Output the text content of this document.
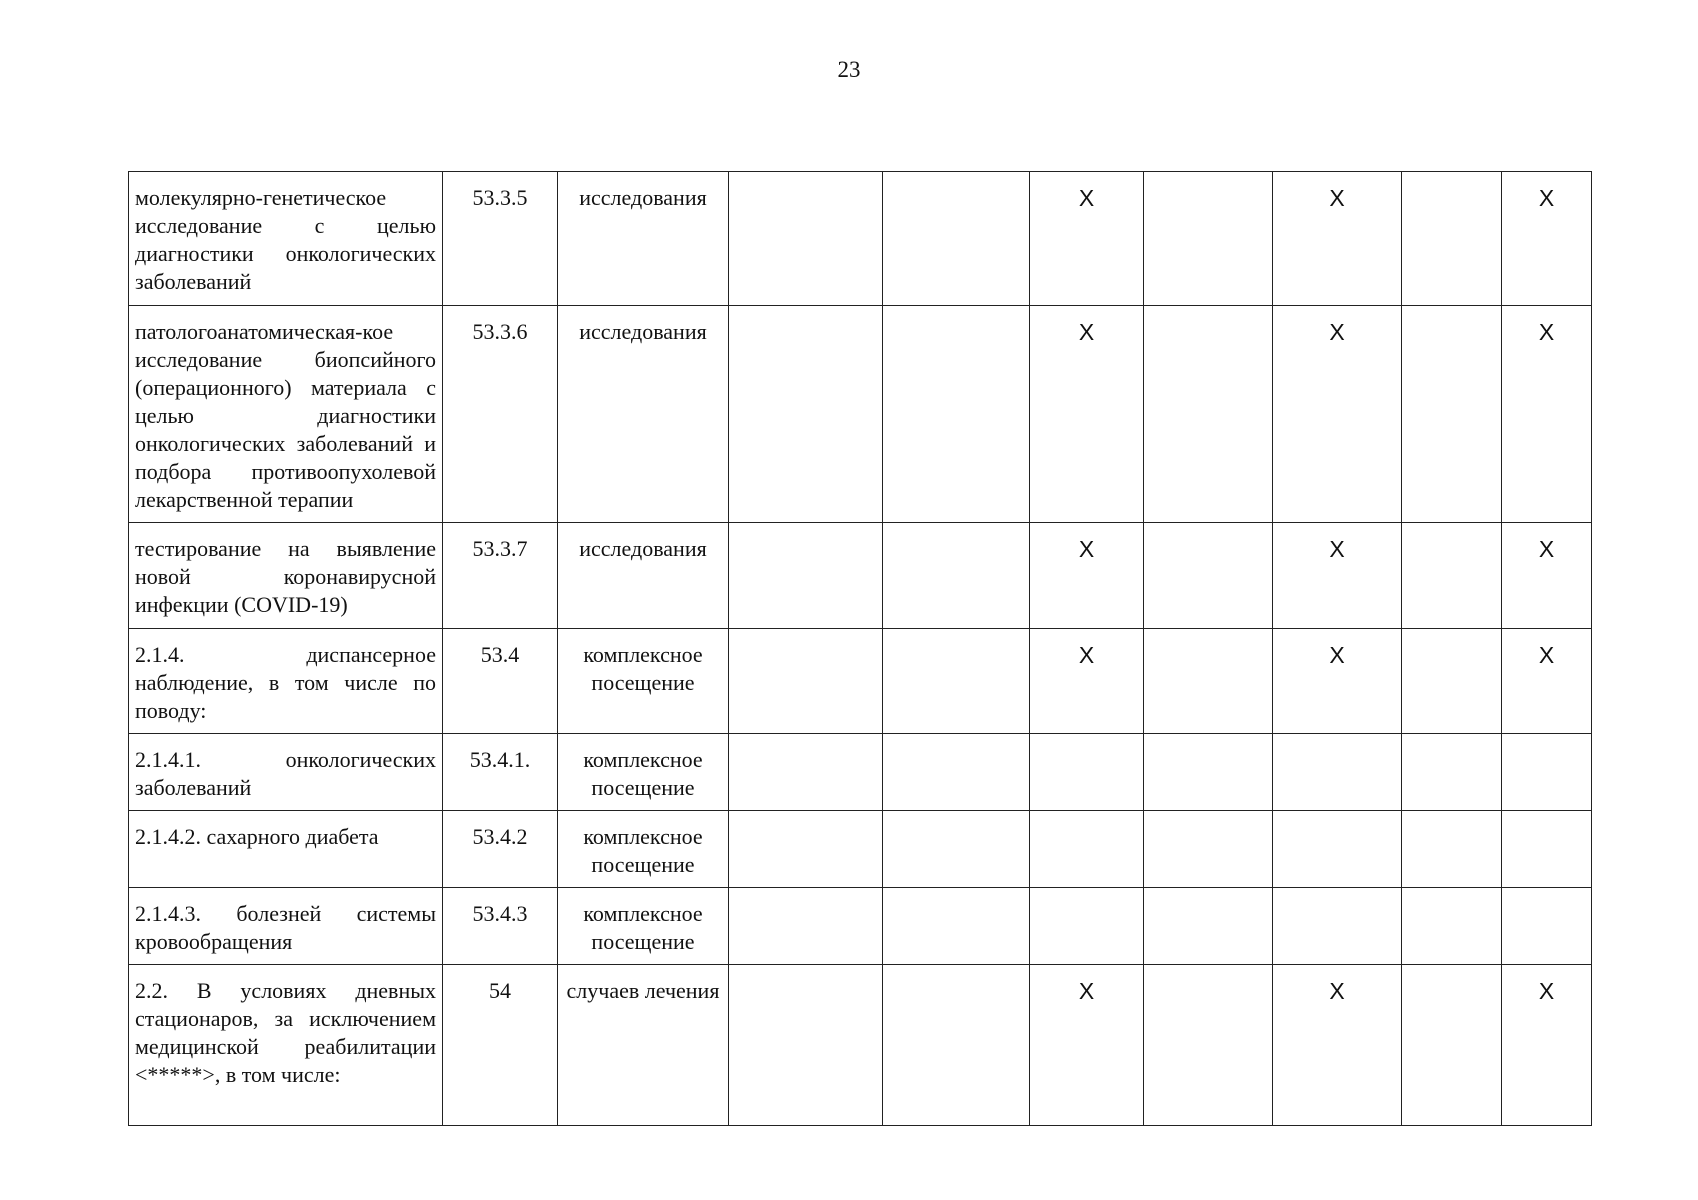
23
молекулярно-генетическое исследование с целью диагностики онкологических заболеваний	53.3.5	исследования			X		X		X
патологоанатомическая-кое исследование биопсийного (операционного) материала с целью диагностики онкологических заболеваний и подбора противоопухолевой лекарственной терапии	53.3.6	исследования			X		X		X
тестирование на выявление новой коронавирусной инфекции (COVID-19)	53.3.7	исследования			X		X		X
2.1.4. диспансерное наблюдение, в том числе по поводу:	53.4	комплексное посещение			X		X		X
2.1.4.1. онкологических заболеваний	53.4.1.	комплексное посещение							
2.1.4.2. сахарного диабета	53.4.2	комплексное посещение							
2.1.4.3. болезней системы кровообращения	53.4.3	комплексное посещение							
2.2. В условиях дневных стационаров, за исключением медицинской реабилитации <*****>, в том числе:	54	случаев лечения			X		X		X
